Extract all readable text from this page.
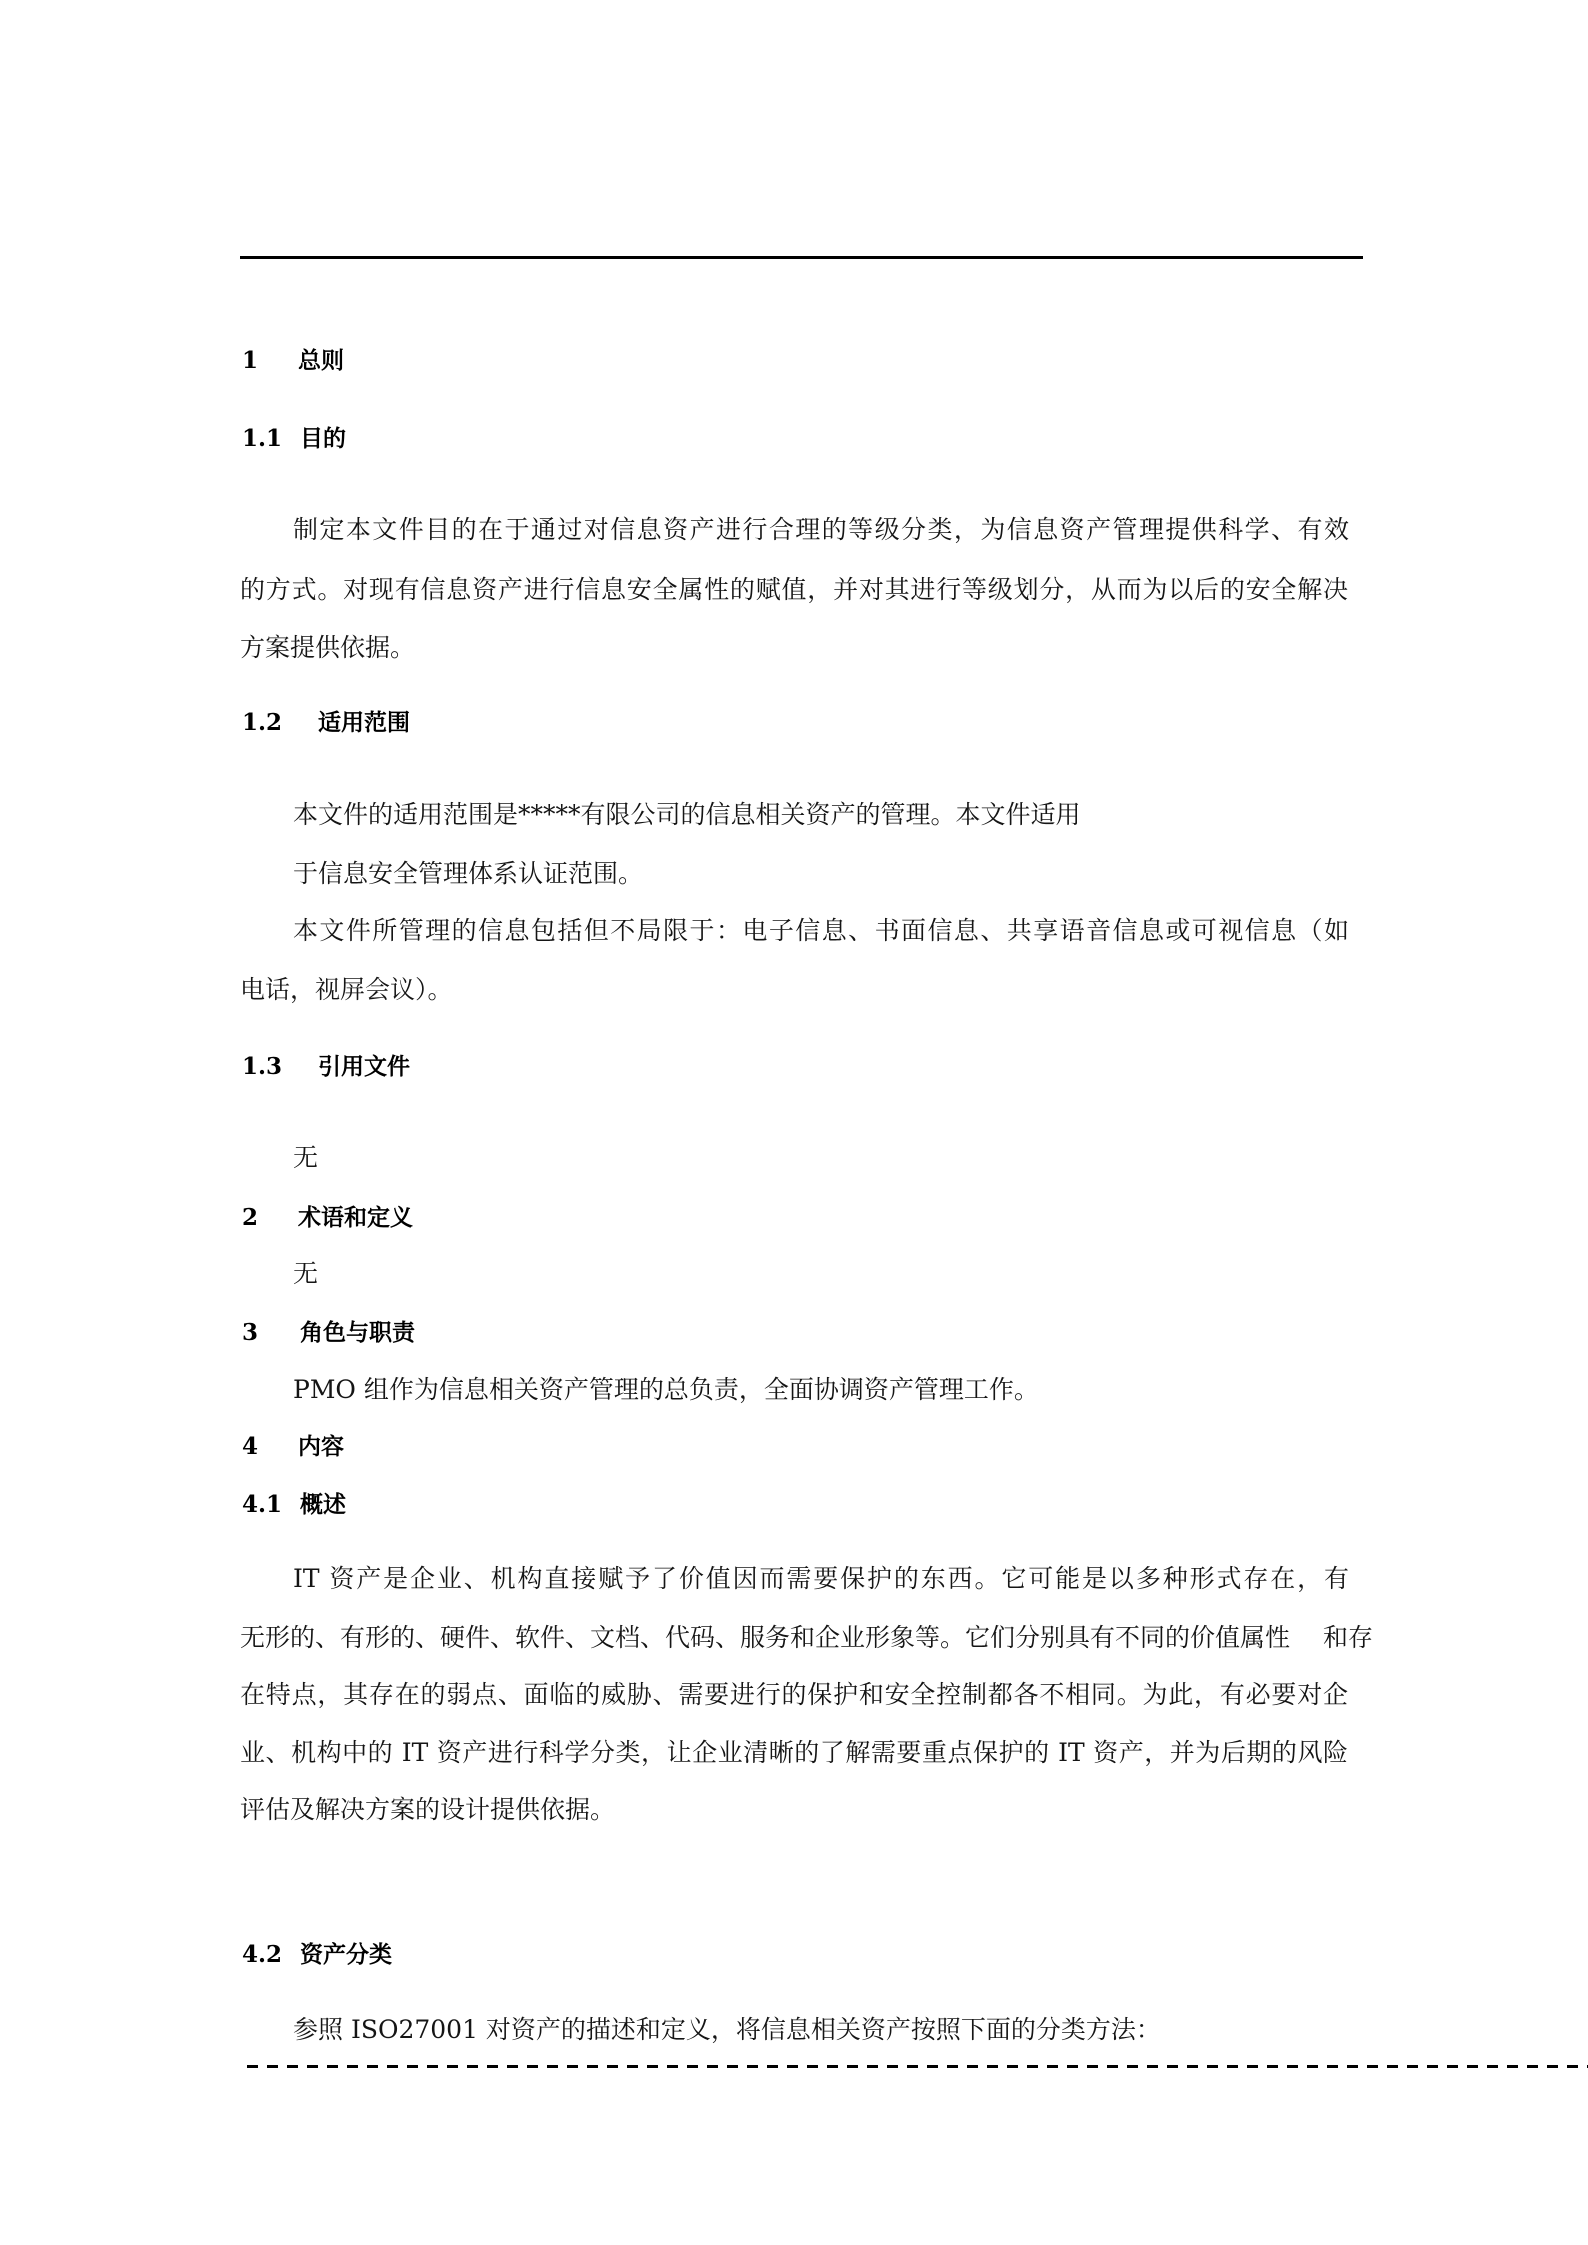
1 总则
1.1 目的
制定本文件目的在于通过对信息资产进行合理的等级分类，为信息资产管理提供科学、有效
的方式。对现有信息资产进行信息安全属性的赋值，并对其进行等级划分，从而为以后的安全解决
方案提供依据。
1.2 适用范围
本文件的适用范围是*****有限公司的信息相关资产的管理。本文件适用
于信息安全管理体系认证范围。
本文件所管理的信息包括但不局限于：电子信息、书面信息、共享语音信息或可视信息（如
电话，视屏会议）。
1.3 引用文件
无
2 术语和定义
无
3 角色与职责
PMO 组作为信息相关资产管理的总负责，全面协调资产管理工作。
4 内容
4.1 概述
IT 资产是企业、机构直接赋予了价值因而需要保护的东西。它可能是以多种形式存在，有
无形的、有形的、硬件、软件、文档、代码、服务和企业形象等。它们分别具有不同的价值属性　 和存
在特点，其存在的弱点、面临的威胁、需要进行的保护和安全控制都各不相同。为此，有必要对企
业、机构中的 IT 资产进行科学分类，让企业清晰的了解需要重点保护的 IT 资产，并为后期的风险
评估及解决方案的设计提供依据。
4.2 资产分类
参照 ISO27001 对资产的描述和定义，将信息相关资产按照下面的分类方法：
